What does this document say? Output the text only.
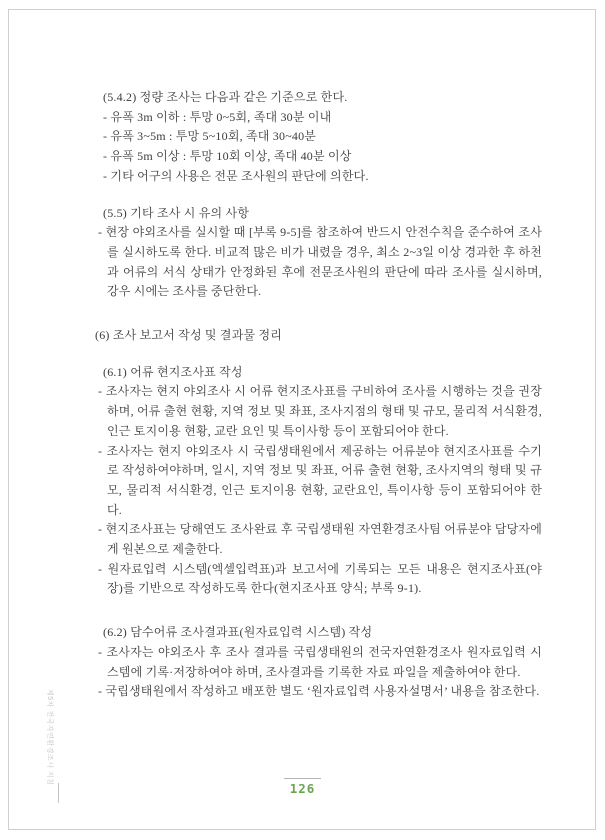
(5.4.2) 정량 조사는 다음과 같은 기준으로 한다.
- 유폭 3m 이하 : 투망 0~5회, 족대 30분 이내
- 유폭 3~5m : 투망 5~10회, 족대 30~40분
- 유폭 5m 이상 : 투망 10회 이상, 족대 40분 이상
- 기타 어구의 사용은 전문 조사원의 판단에 의한다.
(5.5) 기타 조사 시 유의 사항
- 현장 야외조사를 실시할 때 [부록 9-5]를 참조하여 반드시 안전수칙을 준수하여 조사를 실시하도록 한다. 비교적 많은 비가 내렸을 경우, 최소 2~3일 이상 경과한 후 하천과 어류의 서식 상태가 안정화된 후에 전문조사원의 판단에 따라 조사를 실시하며, 강우 시에는 조사를 중단한다.
(6) 조사 보고서 작성 및 결과물 정리
(6.1) 어류 현지조사표 작성
- 조사자는 현지 야외조사 시 어류 현지조사표를 구비하여 조사를 시행하는 것을 권장하며, 어류 출현 현황, 지역 정보 및 좌표, 조사지점의 형태 및 규모, 물리적 서식환경, 인근 토지이용 현황, 교란 요인 및 특이사항 등이 포함되어야 한다.
- 조사자는 현지 야외조사 시 국립생태원에서 제공하는 어류분야 현지조사표를 수기로 작성하여야하며, 일시, 지역 정보 및 좌표, 어류 출현 현황, 조사지역의 형태 및 규모, 물리적 서식환경, 인근 토지이용 현황, 교란요인, 특이사항 등이 포함되어야 한다.
- 현지조사표는 당해연도 조사완료 후 국립생태원 자연환경조사팀 어류분야 담당자에게 원본으로 제출한다.
- 원자료입력 시스템(엑셀입력표)과 보고서에 기록되는 모든 내용은 현지조사표(야장)를 기반으로 작성하도록 한다(현지조사표 양식; 부록 9-1).
(6.2) 담수어류 조사결과표(원자료입력 시스템) 작성
- 조사자는 야외조사 후 조사 결과를 국립생태원의 전국자연환경조사 원자료입력 시스템에 기록·저장하여야 하며, 조사결과를 기록한 자료 파일을 제출하여야 한다.
- 국립생태원에서 작성하고 배포한 별도 ‘원자료입력 사용자설명서’ 내용을 참조한다.
제5차 전국자연환경조사 지침
126
